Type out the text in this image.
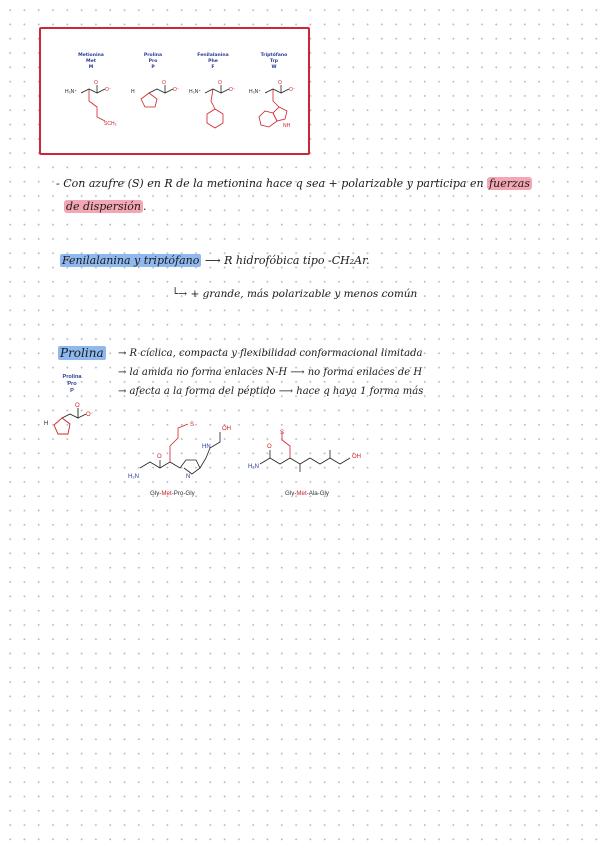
Metionina
Met
M
Prolina
Pro
P
Fenilalanina
Phe
F
Triptófano
Trp
W
H₃N⁺
O
O⁻
SCH₃
H
O
O⁻ H₃N⁺
O
O⁻	H₃N⁺
O
O⁻
NH
- Con azufre (S) en R de la metionina hace q sea + polarizable y participa en fuerzas
de dispersión .
Fenilalanina y triptófano ⟶ R hidrofóbica tipo -CH₂Ar.
└→ + grande, más polarizable y menos común
Prolina → R cíclica, compacta y flexibilidad conformacional limitada
→ la amida no forma enlaces N-H ⟶ no forma enlaces de H
→ afecta a la forma del péptido ⟶ hace q haya 1 forma más
Prolina
Pro
P
H
O
O⁻
H₂N	N
HN
OH
O
S
Gly-Met-Pro-Gly
H₂N
OH
S
O
Gly-Met-Ala-Gly
